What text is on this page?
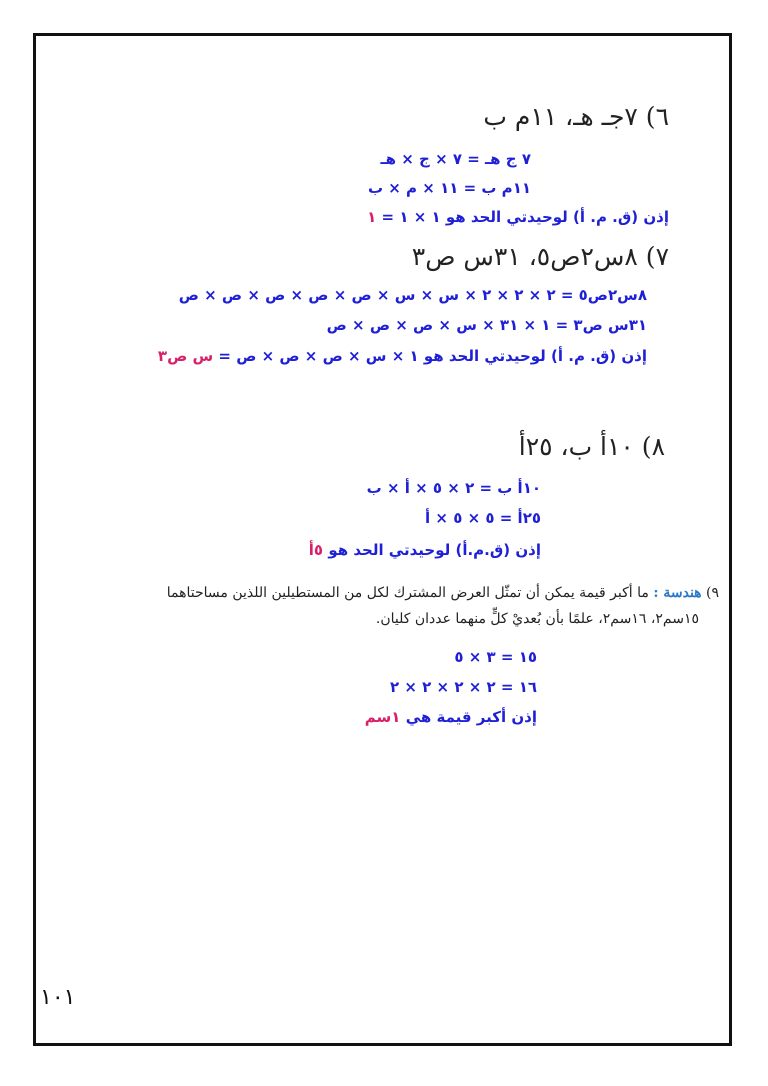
٦) ٧جـ هـ، ١١م ب
٧ ج هـ = ٧ × ج × هـ
١١م ب = ١١ × م × ب
إذن (ق. م. أ) لوحيدتي الحد هو ١ × ١ = ١
٧) ٨س٢ص٥، ٣١س ص٣
٨س٢ص٥ = ٢ × ٢ × ٢ × س × س × ص × ص × ص × ص × ص
٣١س ص٣ = ١ × ٣١ × س × ص × ص × ص
إذن (ق. م. أ) لوحيدتي الحد هو ١ × س × ص × ص × ص = س ص٣
٨) ١٠أ ب، ٢٥أ
١٠أ ب = ٢ × ٥ × أ × ب
٢٥أ = ٥ × ٥ × أ
إذن (ق.م.أ) لوحيدتي الحد هو ٥أ
٩) هندسة : ما أكبر قيمة يمكن أن تمثّل العرض المشترك لكل من المستطيلين اللذين مساحتاهما
١٥سم٢، ١٦سم٢، علمًا بأن بُعديْ كلٍّ منهما عددان كليان.
١٥ = ٣ × ٥
١٦ = ٢ × ٢ × ٢ × ٢
إذن أكبر قيمة هي ١سم
١٠١
